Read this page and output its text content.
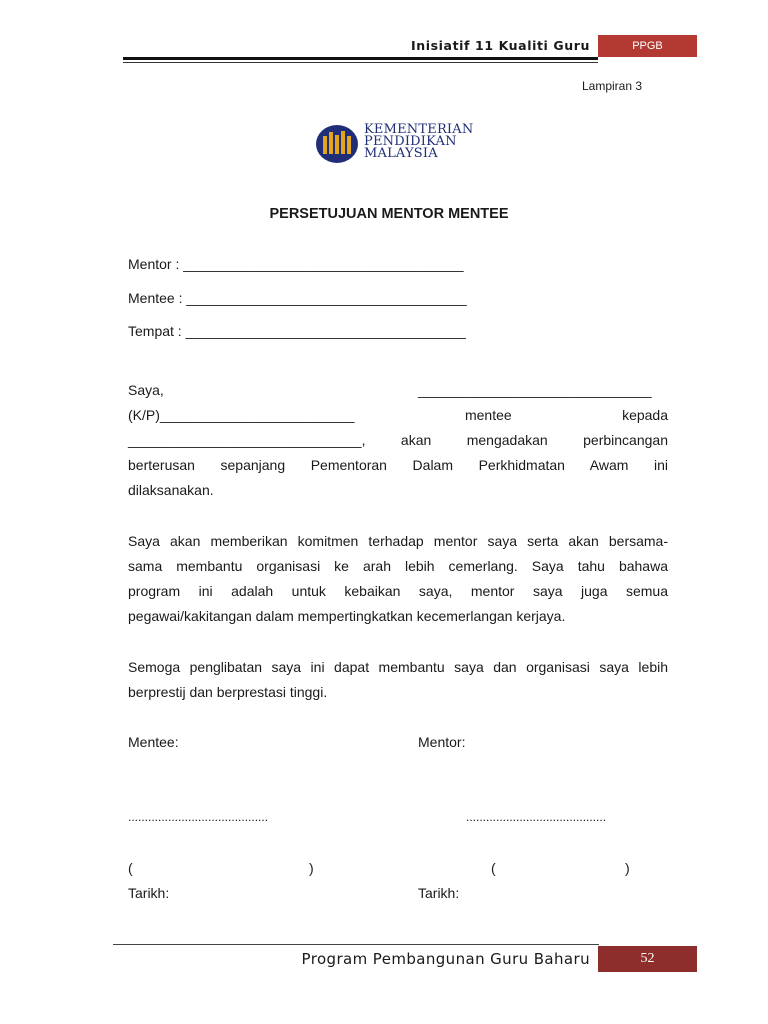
Inisiatif 11 Kualiti Guru	PPGB
Lampiran 3
KEMENTERIAN
PENDIDIKAN
MALAYSIA
PERSETUJUAN MENTOR MENTEE
Mentor : ____________________________________
Mentee : ____________________________________
Tempat : ____________________________________
Saya,	______________________________
(K/P)_________________________ mentee kepada
______________________________, akan mengadakan perbincangan
berterusan sepanjang Pementoran Dalam Perkhidmatan Awam ini
dilaksanakan.
Saya akan memberikan komitmen terhadap mentor saya serta akan bersama-
sama membantu organisasi ke arah lebih cemerlang. Saya tahu bahawa
program ini adalah untuk kebaikan saya, mentor saya juga semua
pegawai/kakitangan dalam mempertingkatkan kecemerlangan kerjaya.
Semoga penglibatan saya ini dapat membantu saya dan organisasi saya lebih
berprestij dan berprestasi tinggi.
Mentee:	Mentor:
..........................................	..........................................
(	)	(	)
Tarikh:	Tarikh:
Program Pembangunan Guru Baharu	52
